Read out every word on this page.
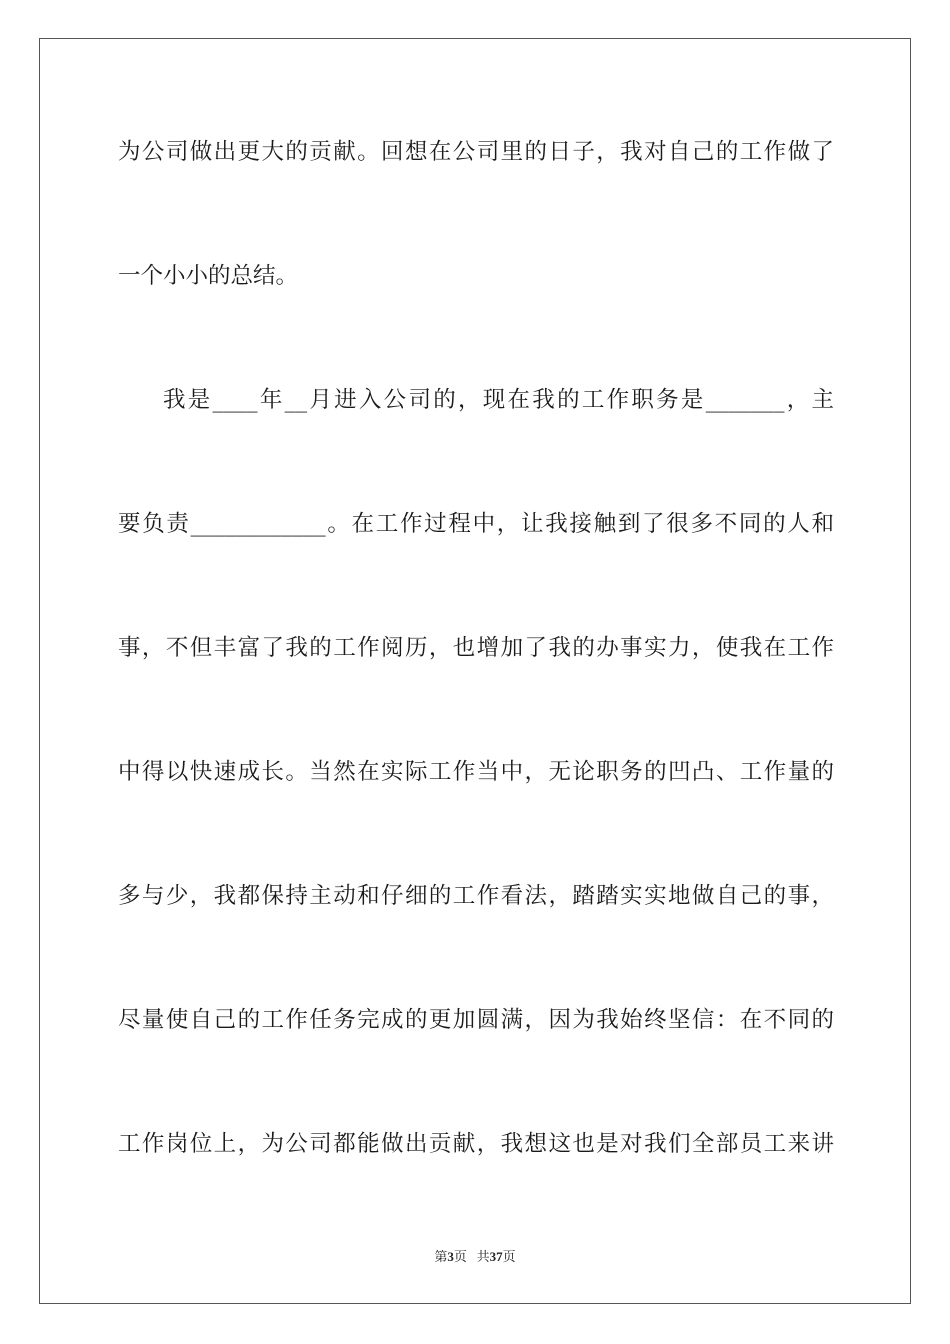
为公司做出更大的贡献。回想在公司里的日子，我对自己的工作做了
一个小小的总结。
我是____年__月进入公司的，现在我的工作职务是_______，主
要负责____________。在工作过程中，让我接触到了很多不同的人和
事，不但丰富了我的工作阅历，也增加了我的办事实力，使我在工作
中得以快速成长。当然在实际工作当中，无论职务的凹凸、工作量的
多与少，我都保持主动和仔细的工作看法，踏踏实实地做自己的事，
尽量使自己的工作任务完成的更加圆满，因为我始终坚信：在不同的
工作岗位上，为公司都能做出贡献，我想这也是对我们全部员工来讲
第3页 共37页
